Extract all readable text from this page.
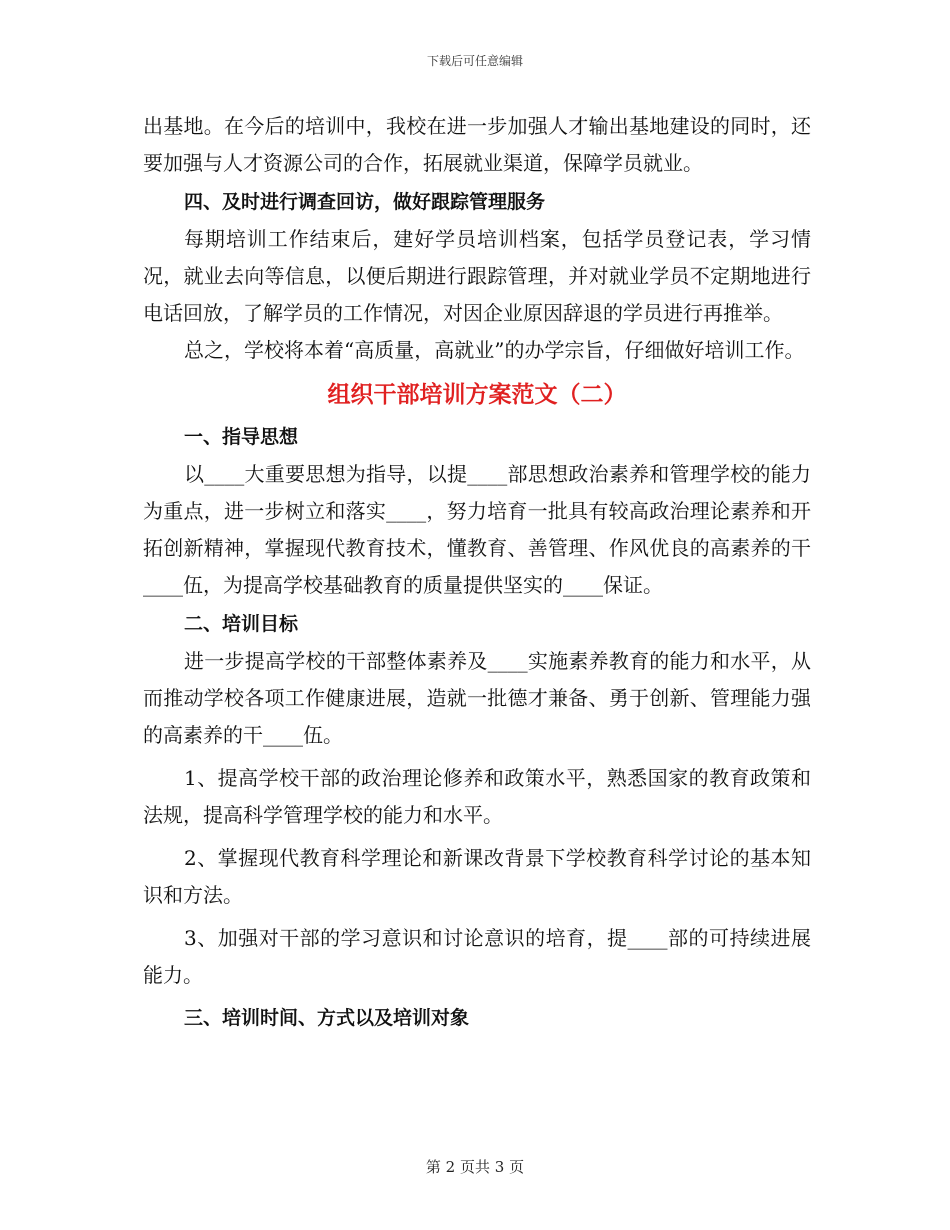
下载后可任意编辑

出基地。在今后的培训中，我校在进一步加强人才输出基地建设的同时，还要加强与人才资源公司的合作，拓展就业渠道，保障学员就业。

四、及时进行调查回访，做好跟踪管理服务

每期培训工作结束后，建好学员培训档案，包括学员登记表，学习情况，就业去向等信息，以便后期进行跟踪管理，并对就业学员不定期地进行电话回放，了解学员的工作情况，对因企业原因辞退的学员进行再推举。

总之，学校将本着“高质量，高就业”的办学宗旨，仔细做好培训工作。

组织干部培训方案范文（二）

一、指导思想

以____大重要思想为指导，以提____部思想政治素养和管理学校的能力为重点，进一步树立和落实____，努力培育一批具有较高政治理论素养和开拓创新精神，掌握现代教育技术，懂教育、善管理、作风优良的高素养的干____伍，为提高学校基础教育的质量提供坚实的____保证。

二、培训目标

进一步提高学校的干部整体素养及____实施素养教育的能力和水平，从而推动学校各项工作健康进展，造就一批德才兼备、勇于创新、管理能力强的高素养的干____伍。

1、提高学校干部的政治理论修养和政策水平，熟悉国家的教育政策和法规，提高科学管理学校的能力和水平。

2、掌握现代教育科学理论和新课改背景下学校教育科学讨论的基本知识和方法。

3、加强对干部的学习意识和讨论意识的培育，提____部的可持续进展能力。

三、培训时间、方式以及培训对象

第 2 页共 3 页
